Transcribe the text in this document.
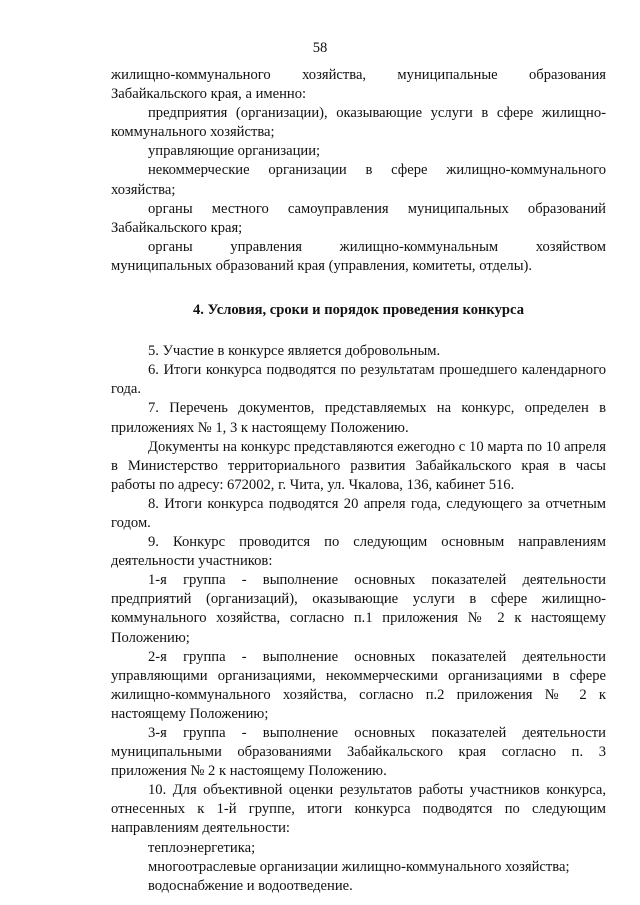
58

жилищно-коммунального хозяйства, муниципальные образования Забайкальского края, а именно:

предприятия (организации), оказывающие услуги в сфере жилищно-коммунального хозяйства;

управляющие организации;

некоммерческие организации в сфере жилищно-коммунального хозяйства;

органы местного самоуправления муниципальных образований Забайкальского края;

органы управления жилищно-коммунальным хозяйством муниципальных образований края (управления, комитеты, отделы).

4. Условия, сроки и порядок проведения конкурса

5. Участие в конкурсе является добровольным.

6. Итоги конкурса подводятся по результатам прошедшего календарного года.

7. Перечень документов, представляемых на конкурс, определен в приложениях № 1, 3 к настоящему Положению.

Документы на конкурс представляются ежегодно с 10 марта по 10 апреля в Министерство территориального развития Забайкальского края в часы работы по адресу: 672002, г. Чита, ул. Чкалова, 136, кабинет 516.

8. Итоги конкурса подводятся 20 апреля года, следующего за отчетным годом.

9. Конкурс проводится по следующим основным направлениям деятельности участников:

1-я группа - выполнение основных показателей деятельности предприятий (организаций), оказывающие услуги в сфере жилищно-коммунального хозяйства, согласно п.1 приложения № 2 к настоящему Положению;

2-я группа - выполнение основных показателей деятельности управляющими организациями, некоммерческими организациями в сфере жилищно-коммунального хозяйства, согласно п.2 приложения № 2 к настоящему Положению;

3-я группа - выполнение основных показателей деятельности муниципальными образованиями Забайкальского края согласно п. 3 приложения № 2 к настоящему Положению.

10. Для объективной оценки результатов работы участников конкурса, отнесенных к 1-й группе, итоги конкурса подводятся по следующим направлениям деятельности:

теплоэнергетика;

многоотраслевые организации жилищно-коммунального хозяйства;

водоснабжение и водоотведение.
